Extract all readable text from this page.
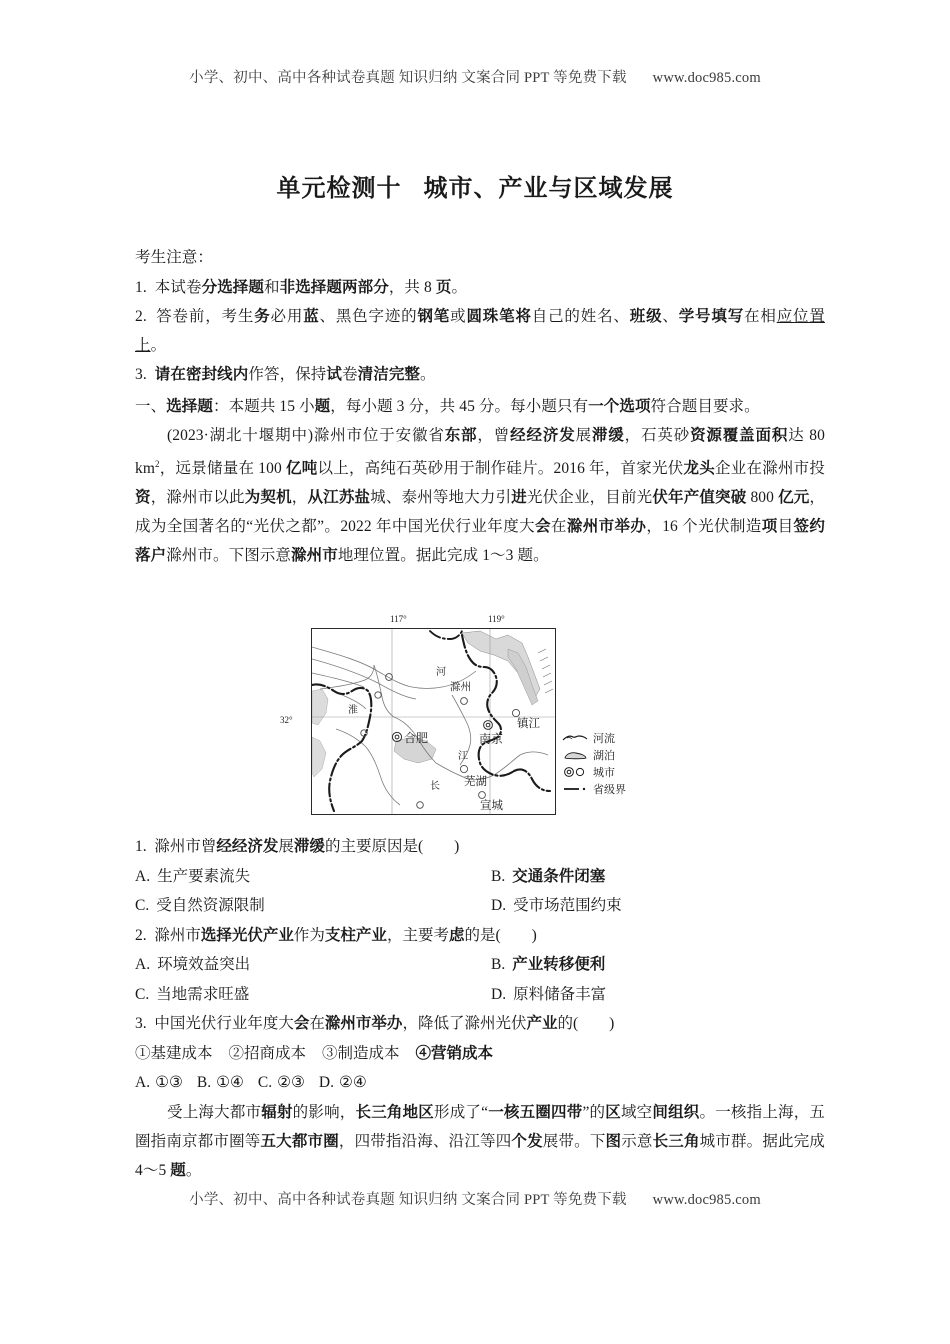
小学、初中、高中各种试卷真题 知识归纳 文案合同 PPT 等免费下载 www.doc985.com
单元检测十 城市、产业与区域发展

考生注意：

1.  本试卷分选择题和非选择题两部分，共 8 页。

2.  答卷前，考生务必用蓝、黑色字迹的钢笔或圆珠笔将自己的姓名、班级、学号填写在相应位置上。

3. 请在密封线内作答，保持试卷清洁完整。

一、选择题：本题共 15 小题，每小题 3 分，共 45 分。每小题只有一个选项符合题目要求。

(2023·湖北十堰期中)滁州市位于安徽省东部，曾经经济发展滞缓，石英砂资源覆盖面积达 80 $km^2$，远景储量在 100 亿吨以上，高纯石英砂用于制作硅片。2016 年，首家光伏龙头企业在滁州市投资，滁州市以此为契机，从江苏盐城、泰州等地大力引进光伏企业，目前光伏年产值突破 800 亿元，成为全国著名的“光伏之都”。2022 年中国光伏行业年度大会在滁州市举办，16 个光伏制造项目签约落户滁州市。下图示意滁州市地理位置。据此完成 1～3 题。

117°	119°
32°
滁州
合肥	南京
镇江
芜湖
宣城
淮
河
长
江
河流
湖泊
城市
省级界

1.  滁州市曾经经济发展滞缓的主要原因是(　　)

A. 生产要素流失	B. 交通条件闭塞
C. 受自然资源限制	D. 受市场范围约束

2.  滁州市选择光伏产业作为支柱产业，主要考虑的是(　　)

A. 环境效益突出	B. 产业转移便利
C. 当地需求旺盛	D. 原料储备丰富

3.  中国光伏行业年度大会在滁州市举办，降低了滁州光伏产业的(　　)

①基建成本 ②招商成本 ③制造成本 ④营销成本

A. ①③ B. ①④ C. ②③ D. ②④

受上海大都市辐射的影响，长三角地区形成了“一核五圈四带”的区域空间组织。一核指上海，五圈指南京都市圈等五大都市圈，四带指沿海、沿江等四个发展带。下图示意长三角城市群。据此完成 4～5 题。

小学、初中、高中各种试卷真题 知识归纳 文案合同 PPT 等免费下载 www.doc985.com
